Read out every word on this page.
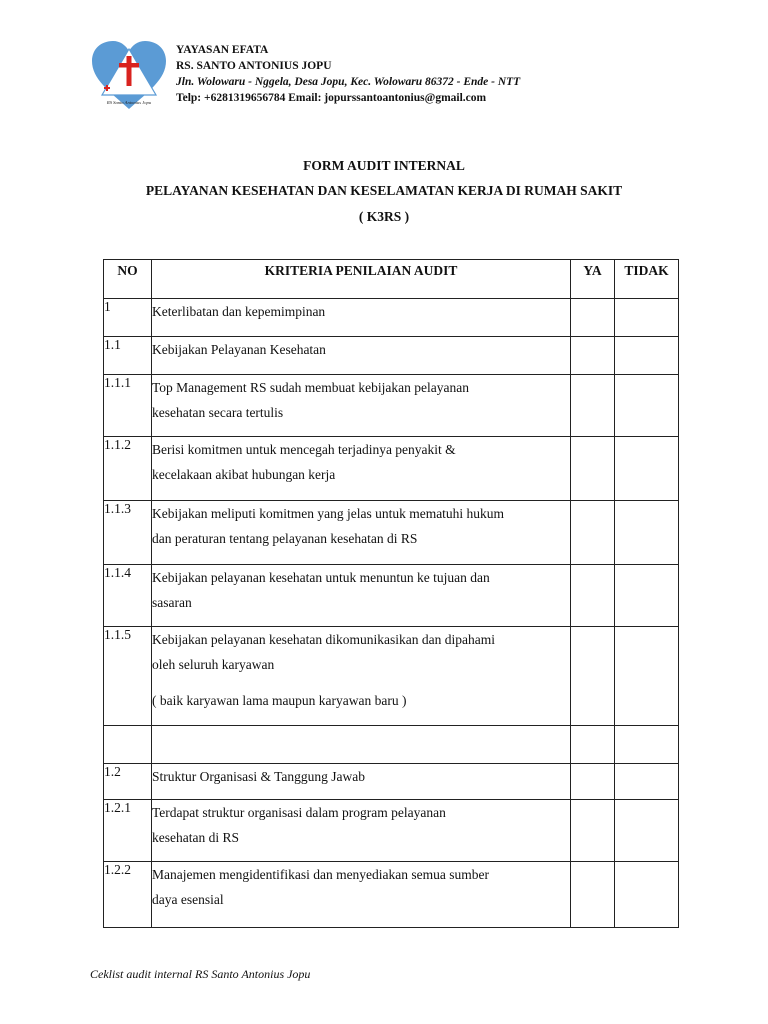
RS Santo Antonius Jopu
YAYASAN EFATA
RS. SANTO ANTONIUS JOPU
Jln. Wolowaru - Nggela, Desa Jopu, Kec. Wolowaru 86372 - Ende - NTT
Telp: +6281319656784 Email: jopurssantoantonius@gmail.com
FORM AUDIT INTERNAL
PELAYANAN KESEHATAN DAN KESELAMATAN KERJA DI RUMAH SAKIT
( K3RS )
NO	KRITERIA PENILAIAN AUDIT	YA	TIDAK
1	Keterlibatan dan kepemimpinan		

1.1	Kebijakan Pelayanan Kesehatan		

1.1.1	Top Management RS sudah membuat kebijakan pelayanan
kesehatan secara tertulis		

1.1.2	Berisi komitmen untuk mencegah terjadinya penyakit &
kecelakaan akibat hubungan kerja		

1.1.3	Kebijakan meliputi komitmen yang jelas untuk mematuhi hukum
dan peraturan tentang pelayanan kesehatan di RS		

1.1.4	Kebijakan pelayanan kesehatan untuk menuntun ke tujuan dan
sasaran		

1.1.5	Kebijakan pelayanan kesehatan dikomunikasikan dan dipahami
oleh seluruh karyawan
( baik karyawan lama maupun karyawan baru )		

1.2	Struktur Organisasi & Tanggung Jawab		

1.2.1	Terdapat struktur organisasi dalam program pelayanan
kesehatan di RS		

1.2.2	Manajemen mengidentifikasi dan menyediakan semua sumber
daya esensial		

Ceklist audit internal RS Santo Antonius Jopu
